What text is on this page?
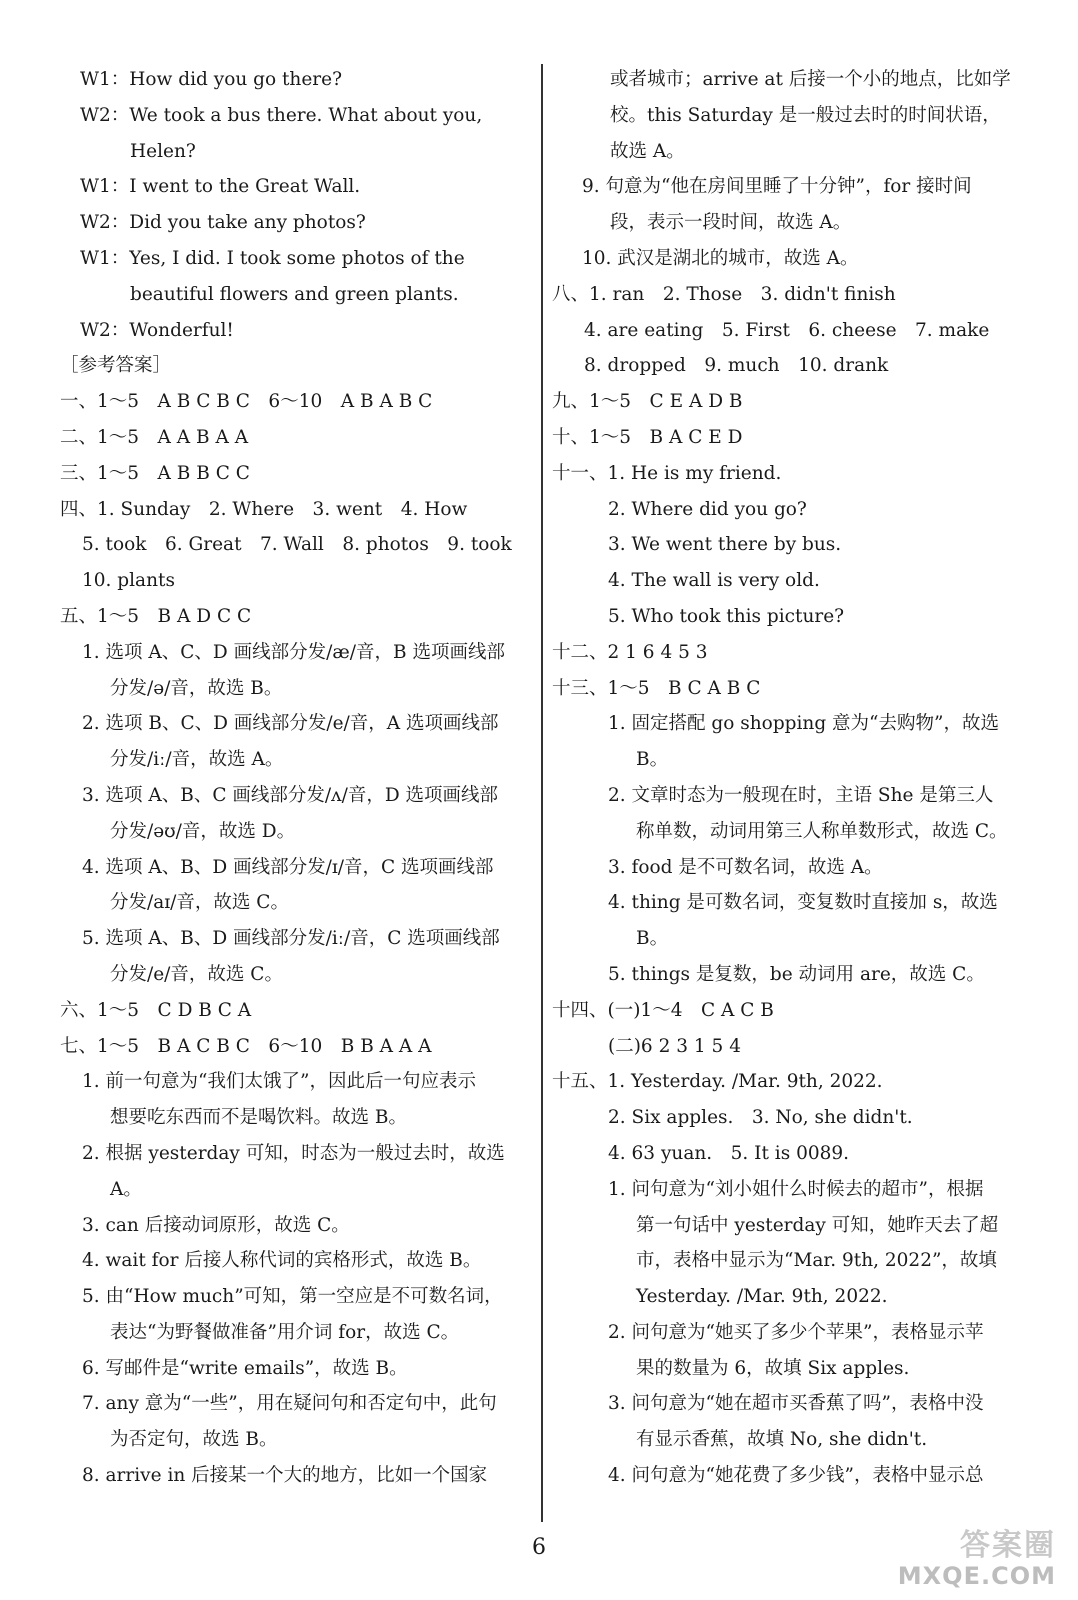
W1：How did you go there?
W2：We took a bus there. What about you,
Helen?
W1：I went to the Great Wall.
W2：Did you take any photos?
W1：Yes, I did. I took some photos of the
beautiful flowers and green plants.
W2：Wonderful!
［参考答案］
一、1～5　A B C B C　6～10　A B A B C
二、1～5　A A B A A
三、1～5　A B B C C
四、1. Sunday　2. Where　3. went　4. How
5. took　6. Great　7. Wall　8. photos　9. took
10. plants
五、1～5　B A D C C
1. 选项 A、C、D 画线部分发/æ/音，B 选项画线部
分发/ə/音，故选 B。
2. 选项 B、C、D 画线部分发/e/音，A 选项画线部
分发/iː/音，故选 A。
3. 选项 A、B、C 画线部分发/ʌ/音，D 选项画线部
分发/əʊ/音，故选 D。
4. 选项 A、B、D 画线部分发/ɪ/音，C 选项画线部
分发/aɪ/音，故选 C。
5. 选项 A、B、D 画线部分发/iː/音，C 选项画线部
分发/e/音，故选 C。
六、1～5　C D B C A
七、1～5　B A C B C　6～10　B B A A A
1. 前一句意为“我们太饿了”，因此后一句应表示
想要吃东西而不是喝饮料。故选 B。
2. 根据 yesterday 可知，时态为一般过去时，故选
A。
3. can 后接动词原形，故选 C。
4. wait for 后接人称代词的宾格形式，故选 B。
5. 由“How much”可知，第一空应是不可数名词，
表达“为野餐做准备”用介词 for，故选 C。
6. 写邮件是“write emails”，故选 B。
7. any 意为“一些”，用在疑问句和否定句中，此句
为否定句，故选 B。
8. arrive in 后接某一个大的地方，比如一个国家
或者城市；arrive at 后接一个小的地点，比如学
校。this Saturday 是一般过去时的时间状语，
故选 A。
9. 句意为“他在房间里睡了十分钟”，for 接时间
段，表示一段时间，故选 A。
10. 武汉是湖北的城市，故选 A。
八、1. ran　2. Those　3. didn't finish
4. are eating　5. First　6. cheese　7. make
8. dropped　9. much　10. drank
九、1～5　C E A D B
十、1～5　B A C E D
十一、1. He is my friend.
2. Where did you go?
3. We went there by bus.
4. The wall is very old.
5. Who took this picture?
十二、2 1 6 4 5 3
十三、1～5　B C A B C
1. 固定搭配 go shopping 意为“去购物”，故选
B。
2. 文章时态为一般现在时，主语 She 是第三人
称单数，动词用第三人称单数形式，故选 C。
3. food 是不可数名词，故选 A。
4. thing 是可数名词，变复数时直接加 s，故选
B。
5. things 是复数，be 动词用 are，故选 C。
十四、(一)1～4　C A C B
(二)6 2 3 1 5 4
十五、1. Yesterday. /Mar. 9th, 2022.
2. Six apples.　3. No, she didn't.
4. 63 yuan.　5. It is 0089.
1. 问句意为“刘小姐什么时候去的超市”，根据
第一句话中 yesterday 可知，她昨天去了超
市，表格中显示为“Mar. 9th, 2022”，故填
Yesterday. /Mar. 9th, 2022.
2. 问句意为“她买了多少个苹果”，表格显示苹
果的数量为 6，故填 Six apples.
3. 问句意为“她在超市买香蕉了吗”，表格中没
有显示香蕉，故填 No, she didn't.
4. 问句意为“她花费了多少钱”，表格中显示总
6	答案圈
MXQE.COM
